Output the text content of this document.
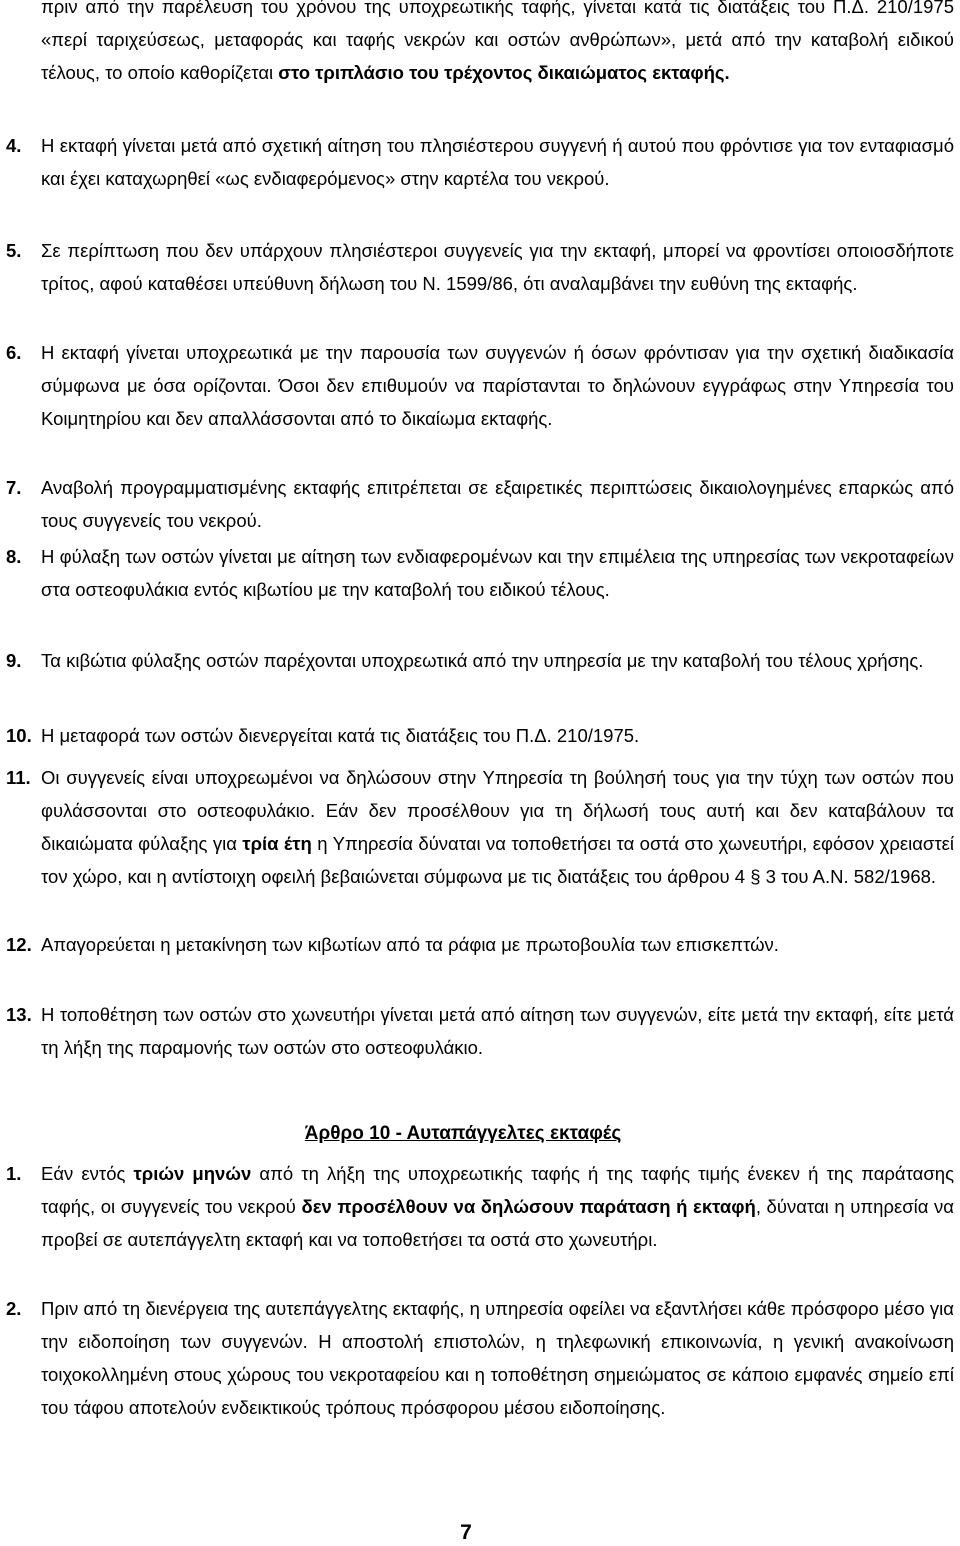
πριν από την παρέλευση του χρόνου της υποχρεωτικής ταφής, γίνεται κατά τις διατάξεις του Π.Δ. 210/1975 «περί ταριχεύσεως, μεταφοράς και ταφής νεκρών και οστών ανθρώπων», μετά από την καταβολή ειδικού τέλους, το οποίο καθορίζεται στο τριπλάσιο του τρέχοντος δικαιώματος εκταφής.
4. Η εκταφή γίνεται μετά από σχετική αίτηση του πλησιέστερου συγγενή ή αυτού που φρόντισε για τον ενταφιασμό και έχει καταχωρηθεί «ως ενδιαφερόμενος» στην καρτέλα του νεκρού.
5. Σε περίπτωση που δεν υπάρχουν πλησιέστεροι συγγενείς για την εκταφή, μπορεί να φροντίσει οποιοσδήποτε τρίτος, αφού καταθέσει υπεύθυνη δήλωση του Ν. 1599/86, ότι αναλαμβάνει την ευθύνη της εκταφής.
6. Η εκταφή γίνεται υποχρεωτικά με την παρουσία των συγγενών ή όσων φρόντισαν για την σχετική διαδικασία σύμφωνα με όσα ορίζονται. Όσοι δεν επιθυμούν να παρίστανται το δηλώνουν εγγράφως στην Υπηρεσία του Κοιμητηρίου και δεν απαλλάσσονται από το δικαίωμα εκταφής.
7. Αναβολή προγραμματισμένης εκταφής επιτρέπεται σε εξαιρετικές περιπτώσεις δικαιολογημένες επαρκώς από τους συγγενείς του νεκρού.
8. Η φύλαξη των οστών γίνεται με αίτηση των ενδιαφερομένων και την επιμέλεια της υπηρεσίας των νεκροταφείων στα οστεοφυλάκια εντός κιβωτίου με την καταβολή του ειδικού τέλους.
9. Τα κιβώτια φύλαξης οστών παρέχονται υποχρεωτικά από την υπηρεσία με την καταβολή του τέλους χρήσης.
10. Η μεταφορά των οστών διενεργείται κατά τις διατάξεις του Π.Δ. 210/1975.
11. Οι συγγενείς είναι υποχρεωμένοι να δηλώσουν στην Υπηρεσία τη βούλησή τους για την τύχη των οστών που φυλάσσονται στο οστεοφυλάκιο. Εάν δεν προσέλθουν για τη δήλωσή τους αυτή και δεν καταβάλουν τα δικαιώματα φύλαξης για τρία έτη η Υπηρεσία δύναται να τοποθετήσει τα οστά στο χωνευτήρι, εφόσον χρειαστεί τον χώρο, και η αντίστοιχη οφειλή βεβαιώνεται σύμφωνα με τις διατάξεις του άρθρου 4 § 3 του Α.Ν. 582/1968.
12. Απαγορεύεται η μετακίνηση των κιβωτίων από τα ράφια με πρωτοβουλία των επισκεπτών.
13. Η τοποθέτηση των οστών στο χωνευτήρι γίνεται μετά από αίτηση των συγγενών, είτε μετά την εκταφή, είτε μετά τη λήξη της παραμονής των οστών στο οστεοφυλάκιο.
Άρθρο 10 - Αυταπάγγελτες εκταφές
1. Εάν εντός τριών μηνών από τη λήξη της υποχρεωτικής ταφής ή της ταφής τιμής ένεκεν ή της παράτασης ταφής, οι συγγενείς του νεκρού δεν προσέλθουν να δηλώσουν παράταση ή εκταφή, δύναται η υπηρεσία να προβεί σε αυτεπάγγελτη εκταφή και να τοποθετήσει τα οστά στο χωνευτήρι.
2. Πριν από τη διενέργεια της αυτεπάγγελτης εκταφής, η υπηρεσία οφείλει να εξαντλήσει κάθε πρόσφορο μέσο για την ειδοποίηση των συγγενών. Η αποστολή επιστολών, η τηλεφωνική επικοινωνία, η γενική ανακοίνωση τοιχοκολλημένη στους χώρους του νεκροταφείου και η τοποθέτηση σημειώματος σε κάποιο εμφανές σημείο επί του τάφου αποτελούν ενδεικτικούς τρόπους πρόσφορου μέσου ειδοποίησης.
7
